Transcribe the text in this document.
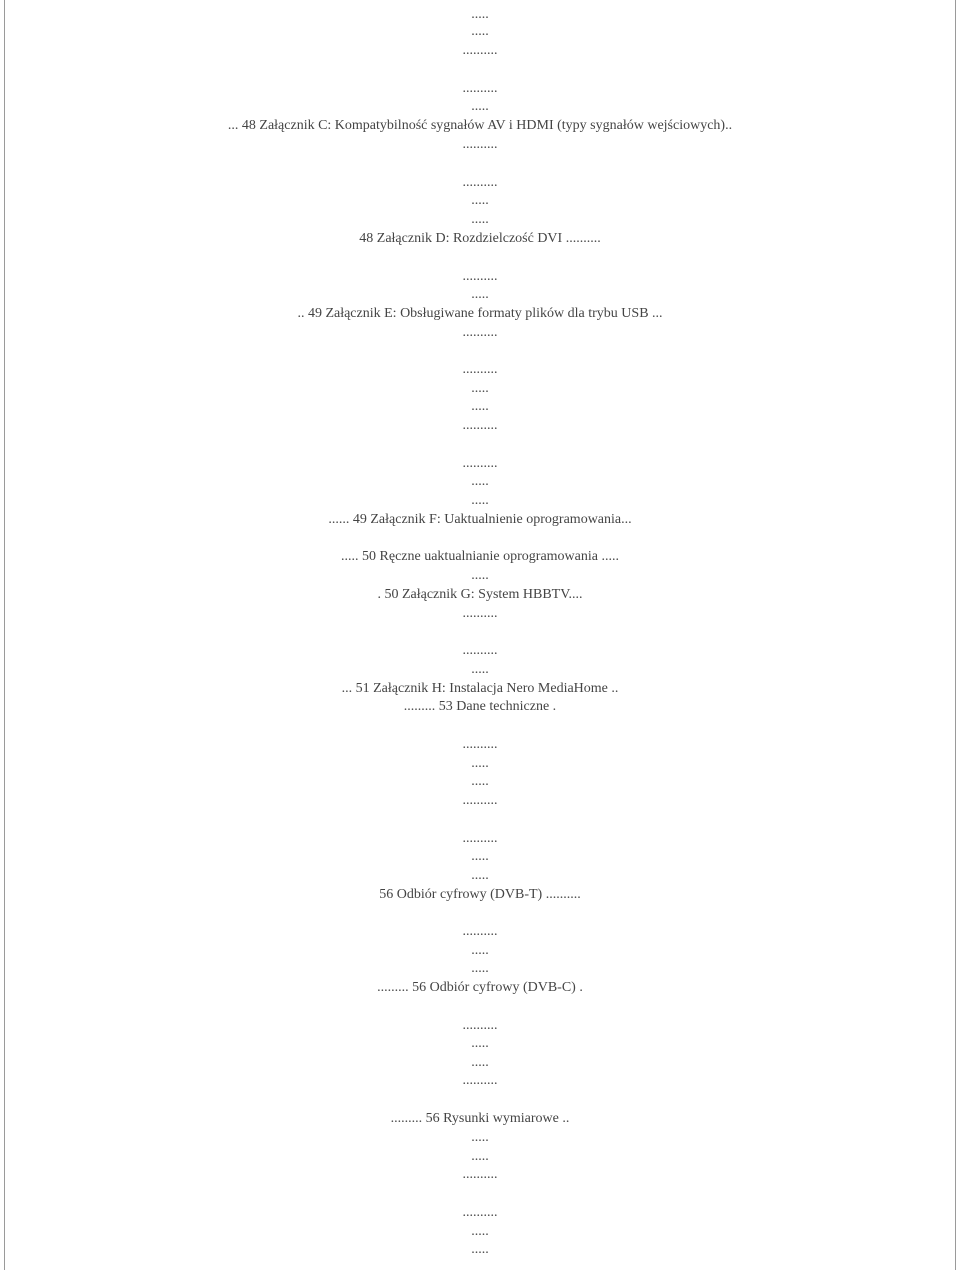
.....
.....
..........
..........
.....
... 48 Załącznik C: Kompatybilność sygnałów AV i HDMI (typy sygnałów wejściowych)..
..........
..........
.....
.....
48 Załącznik D: Rozdzielczość DVI ..........
..........
.....
.. 49 Załącznik E: Obsługiwane formaty plików dla trybu USB ...
..........
..........
.....
.....
..........
..........
.....
.....
...... 49 Załącznik F: Uaktualnienie oprogramowania...
..... 50 Ręczne uaktualnianie oprogramowania .....
.....
. 50 Załącznik G: System HBBTV....
..........
..........
.....
... 51 Załącznik H: Instalacja Nero MediaHome ..
......... 53 Dane techniczne .
..........
.....
.....
..........
..........
.....
.....
56 Odbiór cyfrowy (DVB-T) ..........
..........
.....
.....
......... 56 Odbiór cyfrowy (DVB-C) .
..........
.....
.....
..........
......... 56 Rysunki wymiarowe ..
.....
.....
..........
..........
.....
.....
